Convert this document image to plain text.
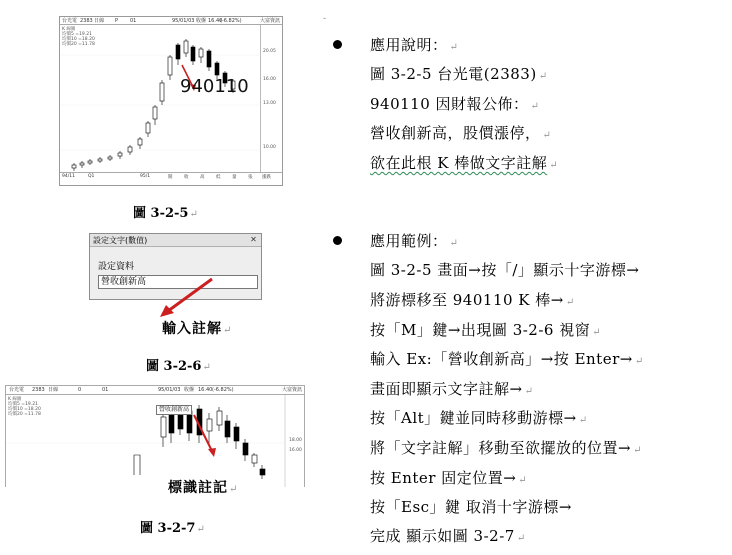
-
台光電 2383 日線 P 01	95/01/03 收盤 16.40
(-6.82%)	大富資訊
K 線圖
均價5 =19.21
均價10 =18.20
均價20 =11.78
20.05
16.00
13.00
10.00
94/11	Q1	95/1	開	收	高	低	量	張 漲跌
940110
圖 3-2-5↵
設定文字(數值)	✕
設定資料
營收創新高
輸入註解↵
圖 3-2-6↵
台光電 2383 日線	0	01	95/01/03 收盤 16.40 (-6.82%)	大富資訊
K 線圖
均價5 =19.21
均價10 =18.20
均價20 =11.78
18.00
16.00
營收創新高
標識註記↵
圖 3-2-7↵
應用說明： ↵
圖 3-2-5 台光電(2383) ↵
940110 因財報公佈： ↵
營收創新高，股價漲停， ↵
欲在此根 K 棒做文字註解 ↵
應用範例： ↵
圖 3-2-5 畫面→按「/」顯示十字游標→
將游標移至 940110 K 棒→ ↵
按「M」鍵→出現圖 3-2-6 視窗 ↵
輸入 Ex:「營收創新高」→按 Enter→ ↵
畫面即顯示文字註解→ ↵
按「Alt」鍵並同時移動游標→ ↵
將「文字註解」移動至欲擺放的位置→ ↵
按 Enter 固定位置→ ↵
按「Esc」鍵 取消十字游標→
完成 顯示如圖 3-2-7 ↵
